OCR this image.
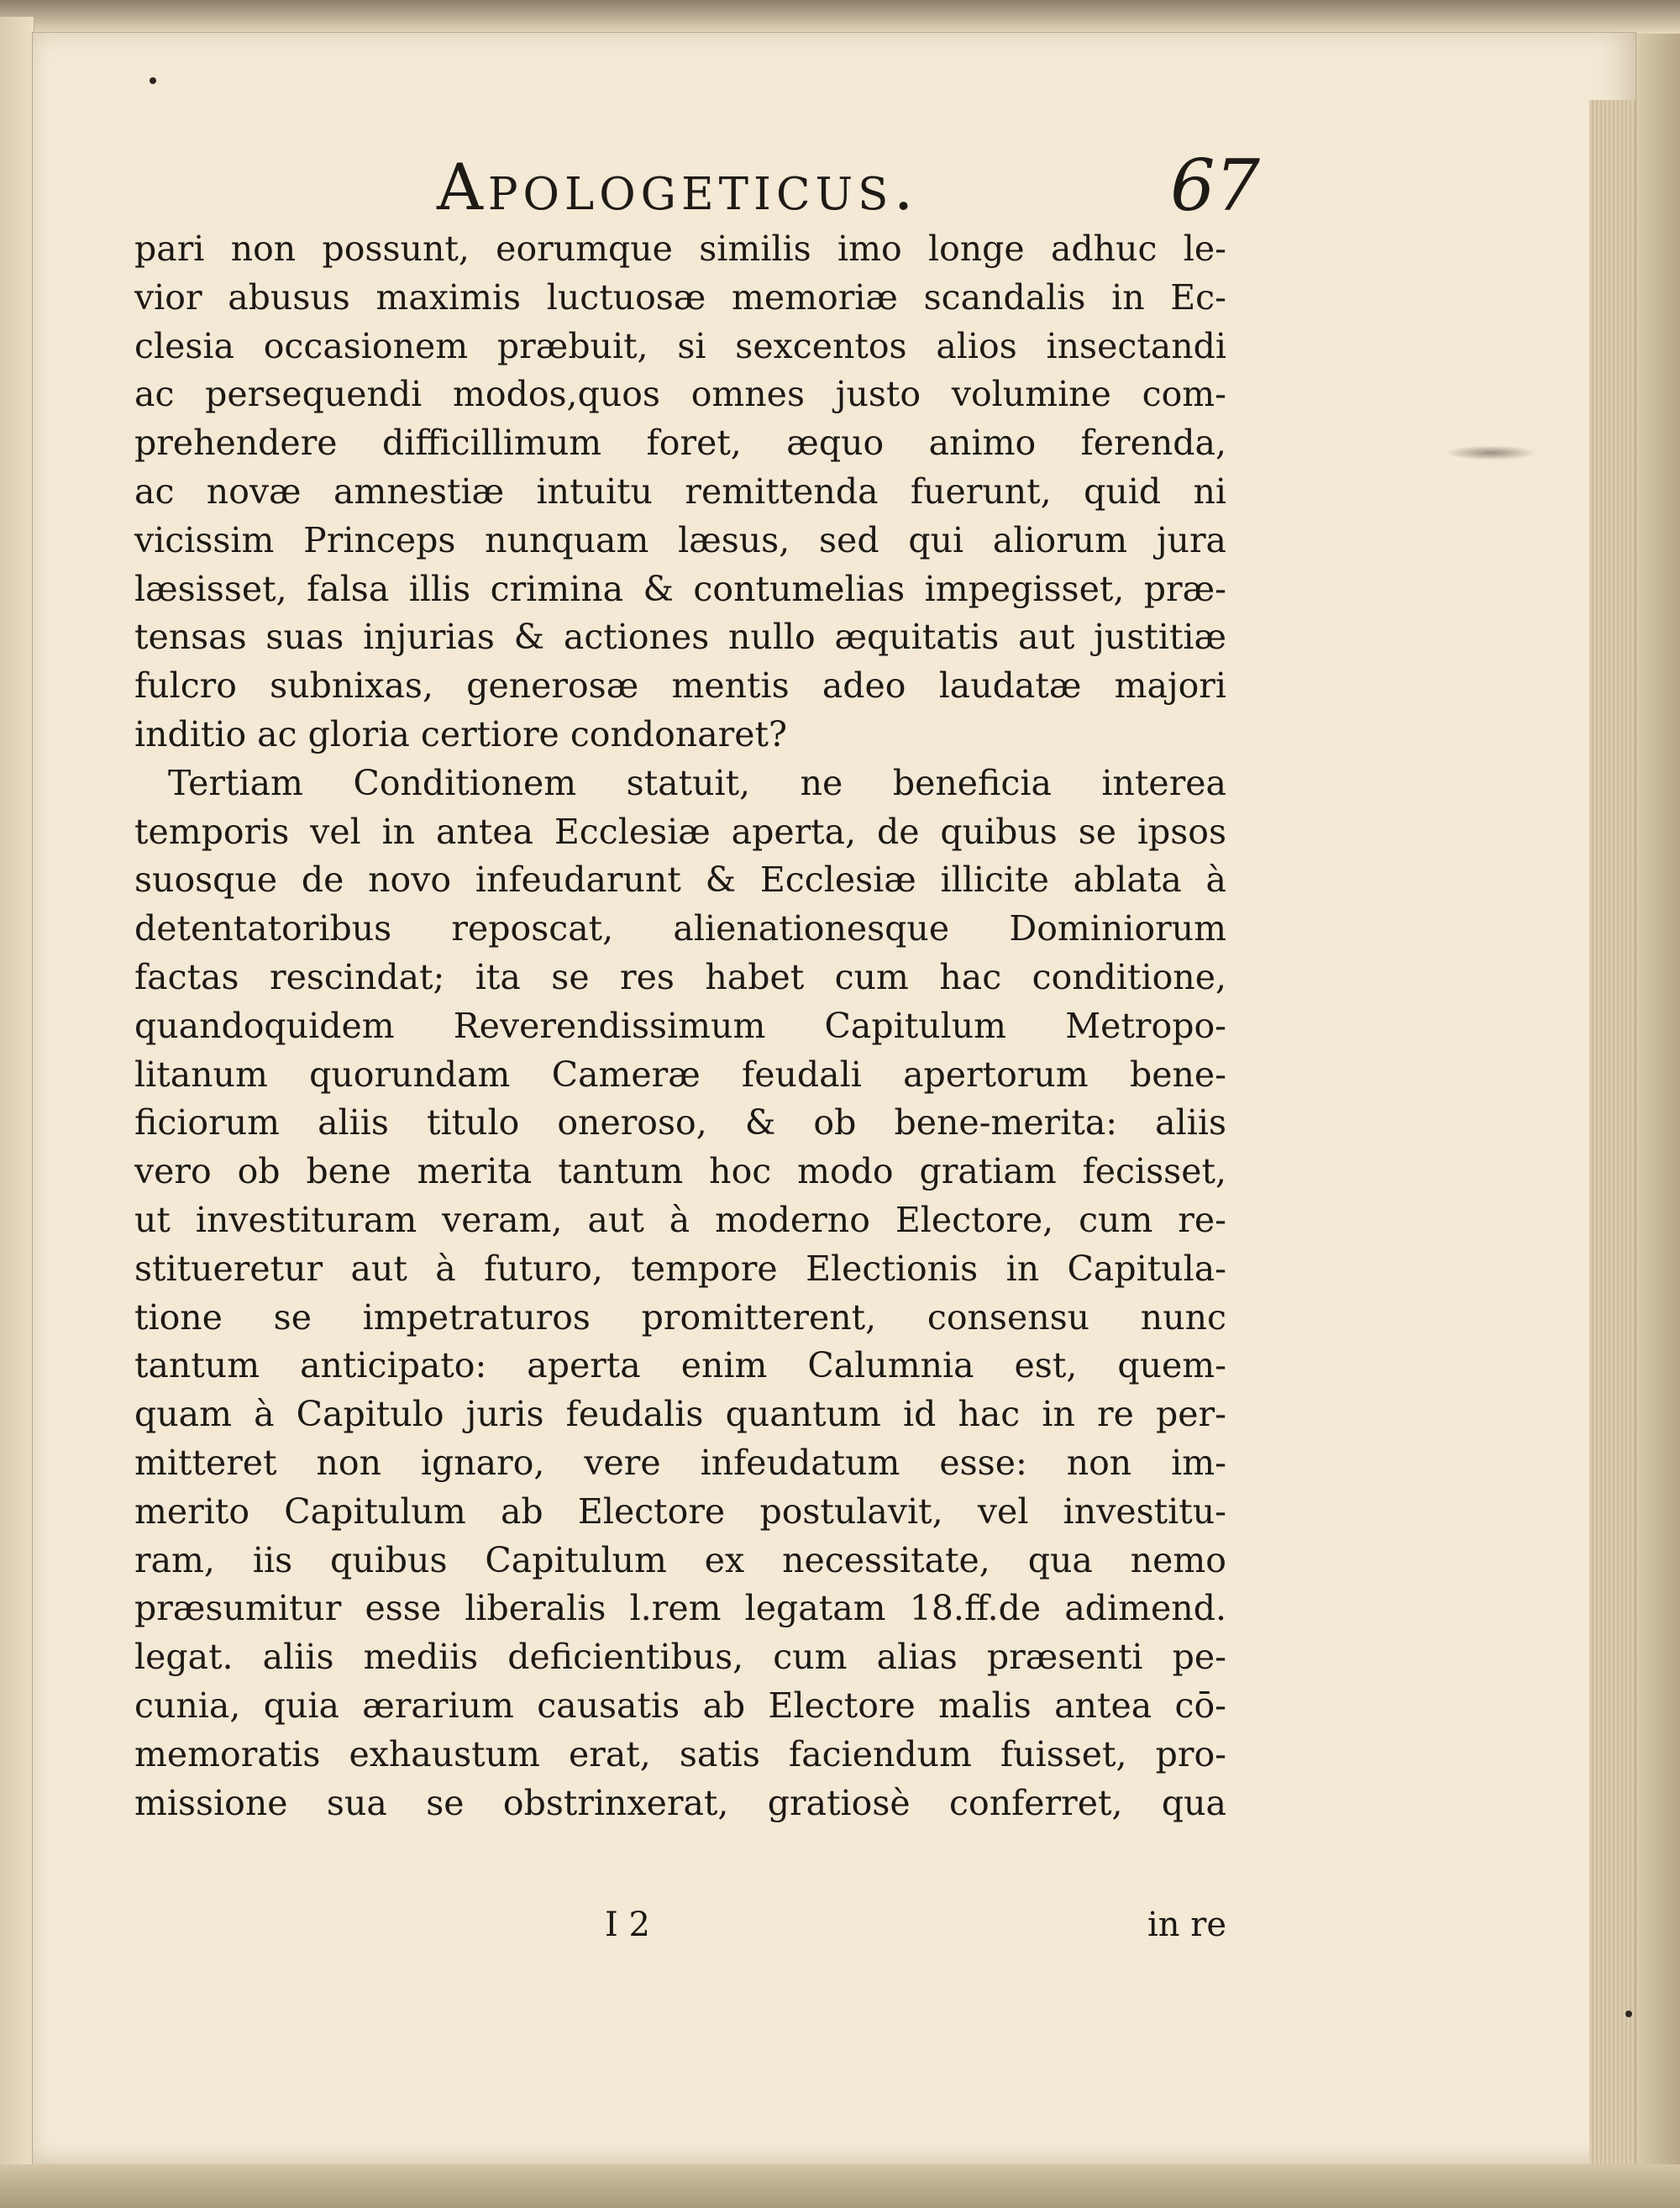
Apologeticus.	67
pari non possunt, eorumque similis imo longe adhuc le-
vior abusus maximis luctuosæ memoriæ scandalis in Ec-
clesia occasionem præbuit, si sexcentos alios insectandi
ac persequendi modos,quos omnes justo volumine com-
prehendere difficillimum foret, æquo animo ferenda,
ac novæ amnestiæ intuitu remittenda fuerunt, quid ni
vicissim Princeps nunquam læsus, sed qui aliorum jura
læsisset, falsa illis crimina & contumelias impegisset, præ-
tensas suas injurias & actiones nullo æquitatis aut justitiæ
fulcro subnixas, generosæ mentis adeo laudatæ majori
inditio ac gloria certiore condonaret?
Tertiam Conditionem statuit, ne beneficia interea
temporis vel in antea Ecclesiæ aperta, de quibus se ipsos
suosque de novo infeudarunt & Ecclesiæ illicite ablata à
detentatoribus reposcat, alienationesque Dominiorum
factas rescindat; ita se res habet cum hac conditione,
quandoquidem Reverendissimum Capitulum Metropo-
litanum quorundam Cameræ feudali apertorum bene-
ficiorum aliis titulo oneroso, & ob bene-merita: aliis
vero ob bene merita tantum hoc modo gratiam fecisset,
ut investituram veram, aut à moderno Electore, cum re-
stitueretur aut à futuro, tempore Electionis in Capitula-
tione se impetraturos promitterent, consensu nunc
tantum anticipato: aperta enim Calumnia est, quem-
quam à Capitulo juris feudalis quantum id hac in re per-
mitteret non ignaro, vere infeudatum esse: non im-
merito Capitulum ab Electore postulavit, vel investitu-
ram, iis quibus Capitulum ex necessitate, qua nemo
præsumitur esse liberalis l.rem legatam 18.ff.de adimend.
legat. aliis mediis deficientibus, cum alias præsenti pe-
cunia, quia ærarium causatis ab Electore malis antea cō-
memoratis exhaustum erat, satis faciendum fuisset, pro-
missione sua se obstrinxerat, gratiosè conferret, qua
I 2	in re
